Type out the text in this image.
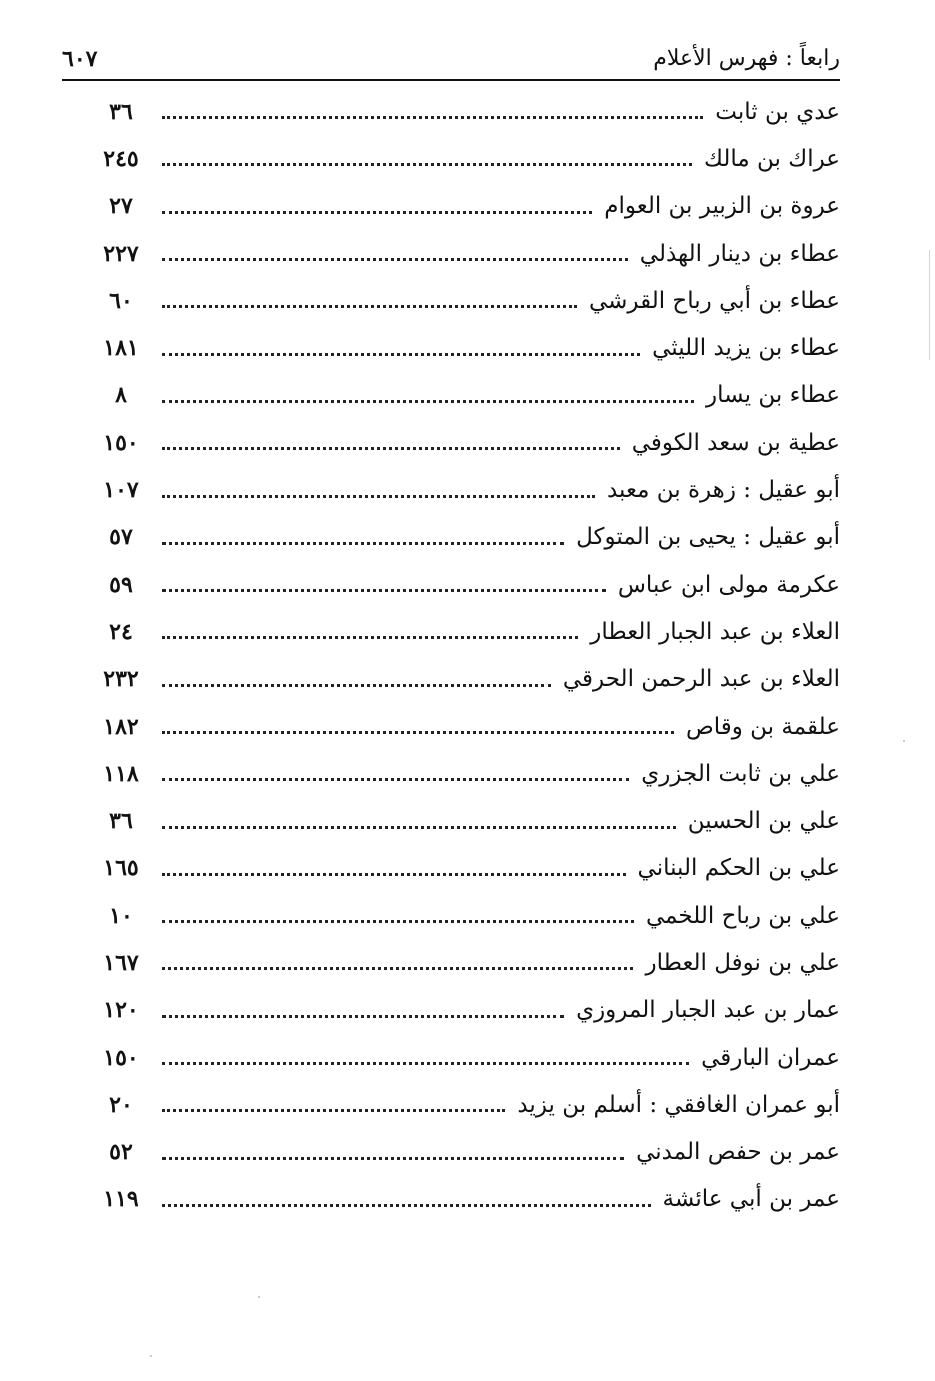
رابعاً : فهرس الأعلام
٦٠٧
عدي بن ثابت
٣٦
عراك بن مالك
٢٤٥
عروة بن الزبير بن العوام
٢٧
عطاء بن دينار الهذلي
٢٢٧
عطاء بن أبي رباح القرشي
٦٠
عطاء بن يزيد الليثي
١٨١
عطاء بن يسار
٨
عطية بن سعد الكوفي
١٥٠
أبو عقيل : زهرة بن معبد
١٠٧
أبو عقيل : يحيى بن المتوكل
٥٧
عكرمة مولى ابن عباس
٥٩
العلاء بن عبد الجبار العطار
٢٤
العلاء بن عبد الرحمن الحرقي
٢٣٢
علقمة بن وقاص
١٨٢
علي بن ثابت الجزري
١١٨
علي بن الحسين
٣٦
علي بن الحكم البناني
١٦٥
علي بن رباح اللخمي
١٠
علي بن نوفل العطار
١٦٧
عمار بن عبد الجبار المروزي
١٢٠
عمران البارقي
١٥٠
أبو عمران الغافقي : أسلم بن يزيد
٢٠
عمر بن حفص المدني
٥٢
عمر بن أبي عائشة
١١٩
